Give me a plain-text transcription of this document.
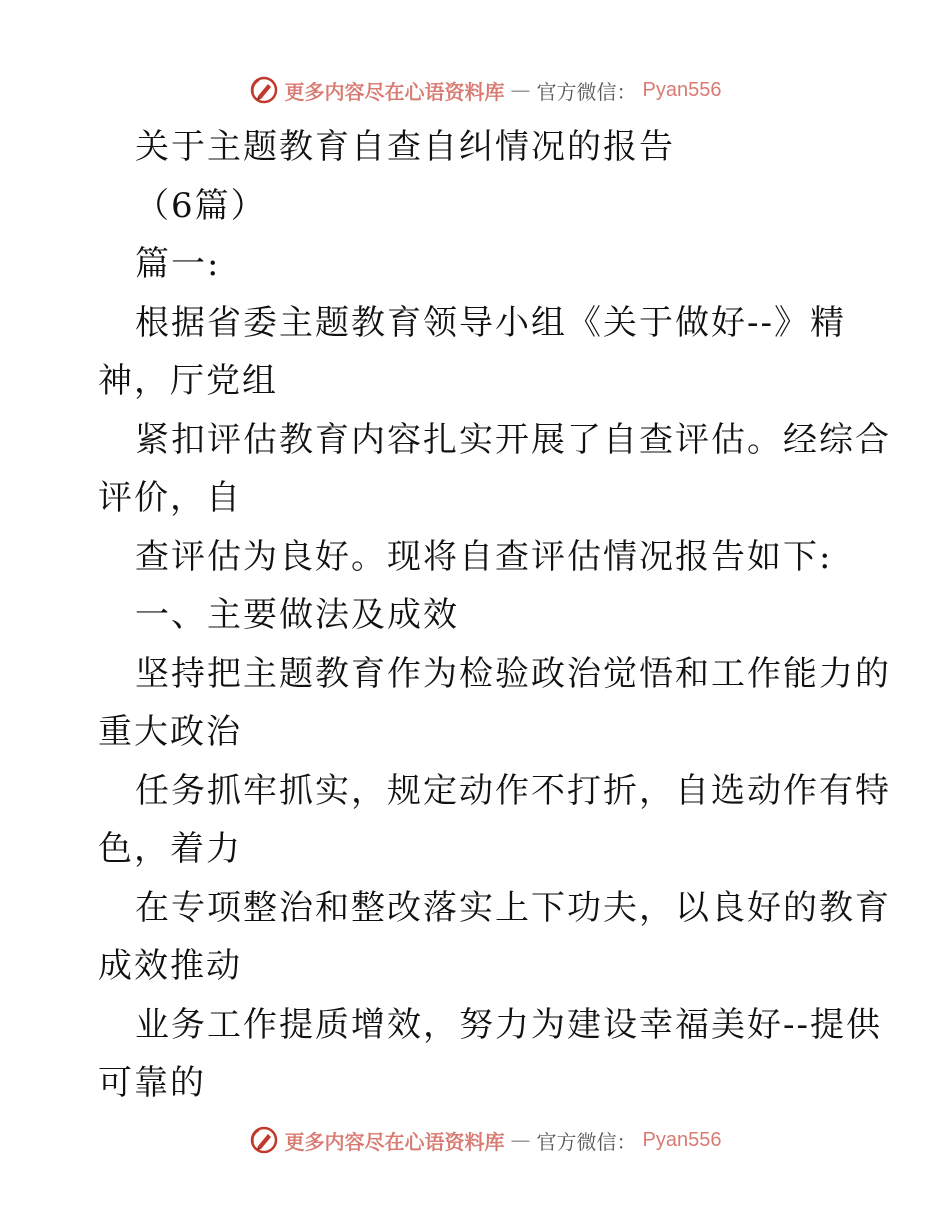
更多内容尽在心语资料库 — 官方微信： Pyan556
关于主题教育自查自纠情况的报告
（6篇）
篇一:
根据省委主题教育领导小组《关于做好--》精
神，厅党组
紧扣评估教育内容扎实开展了自查评估。经综合
评价，自
查评估为良好。现将自查评估情况报告如下:
一、主要做法及成效
坚持把主题教育作为检验政治觉悟和工作能力的
重大政治
任务抓牢抓实，规定动作不打折，自选动作有特
色，着力
在专项整治和整改落实上下功夫，以良好的教育
成效推动
业务工作提质增效，努力为建设幸福美好--提供
可靠的
更多内容尽在心语资料库 — 官方微信： Pyan556
